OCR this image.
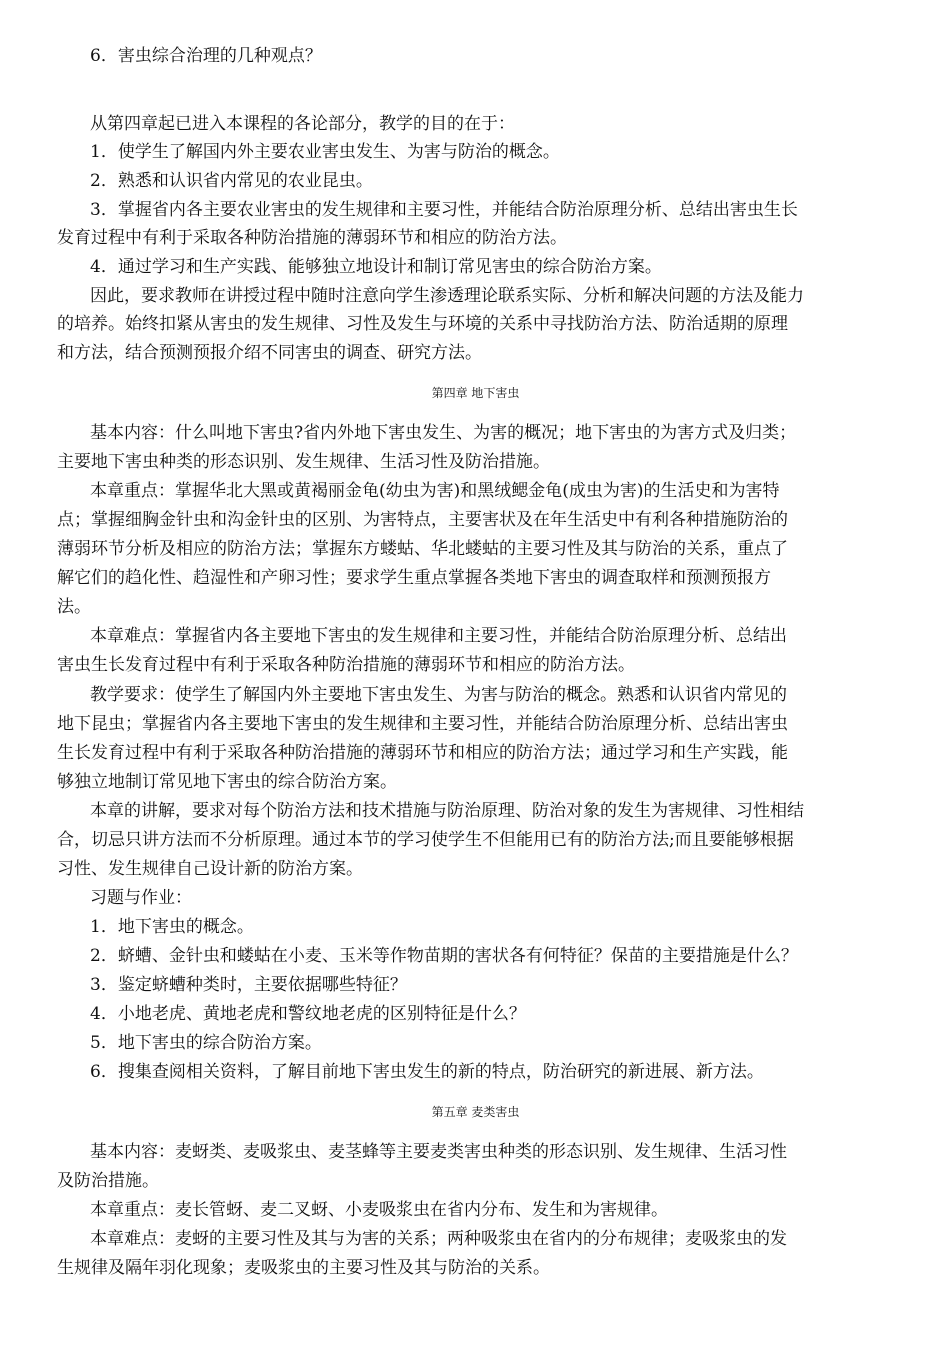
6．害虫综合治理的几种观点？
从第四章起已进入本课程的各论部分，教学的目的在于：
1．使学生了解国内外主要农业害虫发生、为害与防治的概念。
2．熟悉和认识省内常见的农业昆虫。
3．掌握省内各主要农业害虫的发生规律和主要习性，并能结合防治原理分析、总结出害虫生长
发育过程中有利于采取各种防治措施的薄弱环节和相应的防治方法。
4．通过学习和生产实践、能够独立地设计和制订常见害虫的综合防治方案。
因此，要求教师在讲授过程中随时注意向学生渗透理论联系实际、分析和解决问题的方法及能力
的培养。始终扣紧从害虫的发生规律、习性及发生与环境的关系中寻找防治方法、防治适期的原理
和方法，结合预测预报介绍不同害虫的调查、研究方法。
第四章 地下害虫
基本内容：什么叫地下害虫?省内外地下害虫发生、为害的概况；地下害虫的为害方式及归类；
主要地下害虫种类的形态识别、发生规律、生活习性及防治措施。
本章重点：掌握华北大黑或黄褐丽金龟(幼虫为害)和黑绒鳃金龟(成虫为害)的生活史和为害特
点；掌握细胸金针虫和沟金针虫的区别、为害特点，主要害状及在年生活史中有利各种措施防治的
薄弱环节分析及相应的防治方法；掌握东方蝼蛄、华北蝼蛄的主要习性及其与防治的关系，重点了
解它们的趋化性、趋湿性和产卵习性；要求学生重点掌握各类地下害虫的调查取样和预测预报方
法。
本章难点：掌握省内各主要地下害虫的发生规律和主要习性，并能结合防治原理分析、总结出
害虫生长发育过程中有利于采取各种防治措施的薄弱环节和相应的防治方法。
教学要求：使学生了解国内外主要地下害虫发生、为害与防治的概念。熟悉和认识省内常见的
地下昆虫；掌握省内各主要地下害虫的发生规律和主要习性，并能结合防治原理分析、总结出害虫
生长发育过程中有利于采取各种防治措施的薄弱环节和相应的防治方法；通过学习和生产实践，能
够独立地制订常见地下害虫的综合防治方案。
本章的讲解，要求对每个防治方法和技术措施与防治原理、防治对象的发生为害规律、习性相结
合，切忌只讲方法而不分析原理。通过本节的学习使学生不但能用已有的防治方法;而且要能够根据
习性、发生规律自己设计新的防治方案。
习题与作业：
1．地下害虫的概念。
2．蛴螬、金针虫和蝼蛄在小麦、玉米等作物苗期的害状各有何特征？保苗的主要措施是什么？
3．鉴定蛴螬种类时，主要依据哪些特征？
4．小地老虎、黄地老虎和警纹地老虎的区别特征是什么？
5．地下害虫的综合防治方案。
6．搜集查阅相关资料，了解目前地下害虫发生的新的特点，防治研究的新进展、新方法。
第五章 麦类害虫
基本内容：麦蚜类、麦吸浆虫、麦茎蜂等主要麦类害虫种类的形态识别、发生规律、生活习性
及防治措施。
本章重点：麦长管蚜、麦二叉蚜、小麦吸浆虫在省内分布、发生和为害规律。
本章难点：麦蚜的主要习性及其与为害的关系；两种吸浆虫在省内的分布规律；麦吸浆虫的发
生规律及隔年羽化现象；麦吸浆虫的主要习性及其与防治的关系。
